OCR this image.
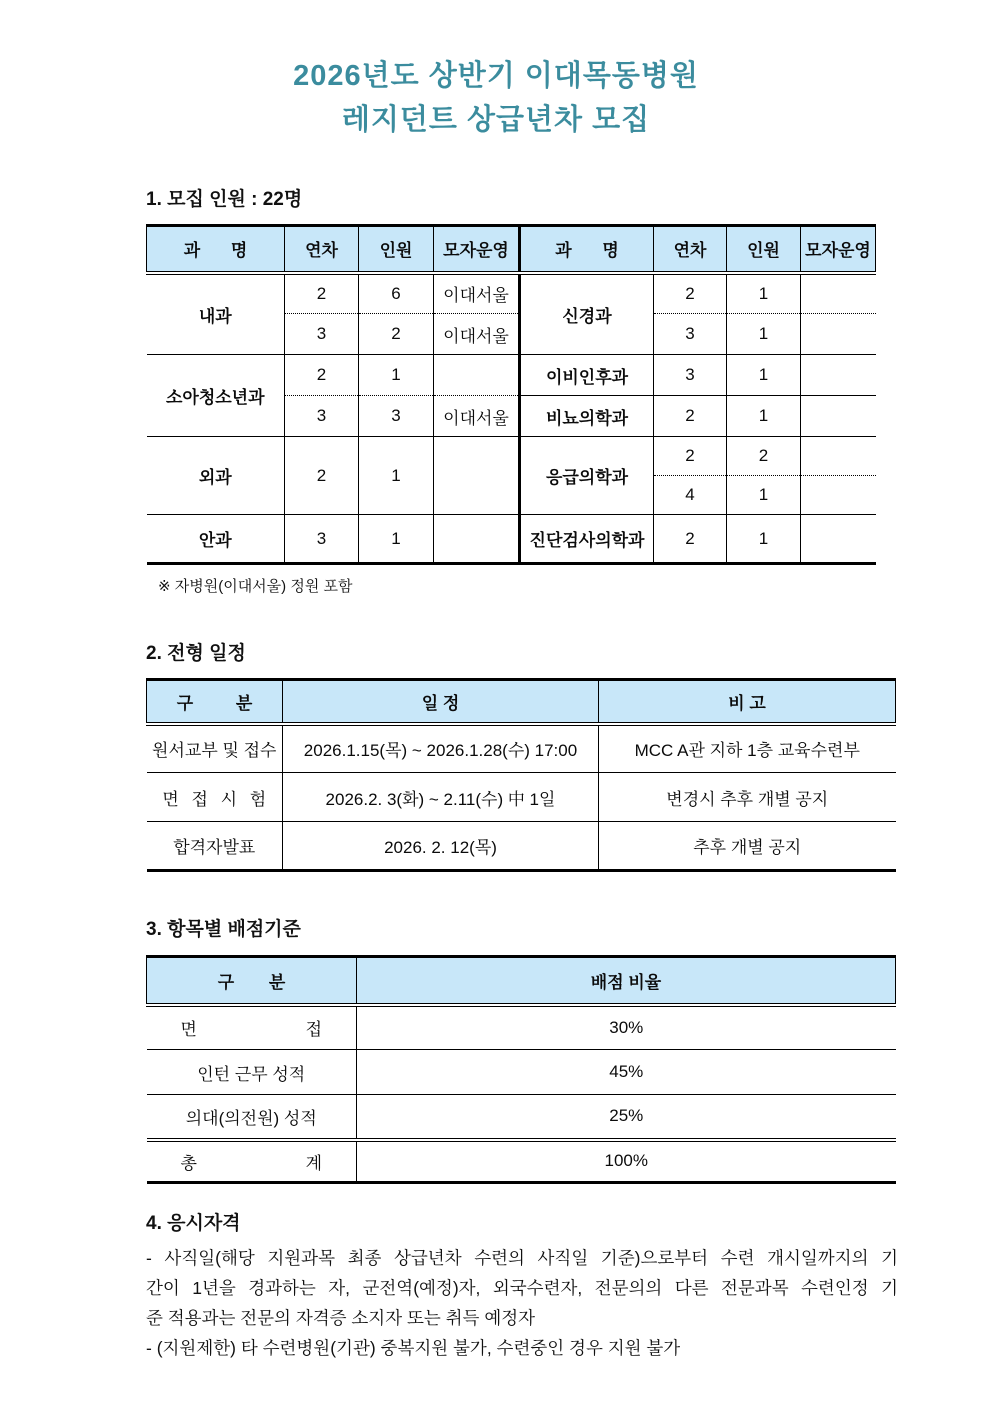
2026년도 상반기 이대목동병원
레지던트 상급년차 모집
1. 모집 인원 : 22명
과 명	연차	인원	모자운영	과 명	연차	인원	모자운영
내과	2	6	이대서울	신경과	2	1	
	3	2	이대서울		3	1	
소아청소년과	2	1		이비인후과	3	1	
	3	3	이대서울	비뇨의학과	2	1	
외과	2	1		응급의학과	2	2	
					4	1	
안과	3	1		진단검사의학과	2	1	
※ 자병원(이대서울) 정원 포함
2. 전형 일정
구 분	일 정	비 고
원서교부 및 접수	2026.1.15(목) ~ 2026.1.28(수) 17:00	MCC A관 지하 1층 교육수련부
면 접 시 험	2026.2. 3(화) ~ 2.11(수) 中 1일	변경시 추후 개별 공지
합격자발표	2026. 2. 12(목)	추후 개별 공지
3. 항목별 배점기준
구 분	배점 비율
면 접	30%
인턴 근무 성적	45%
의대(의전원) 성적	25%
총 계	100%
4. 응시자격
- 사직일(해당 지원과목 최종 상급년차 수련의 사직일 기준)으로부터 수련 개시일까지의 기
간이 1년을 경과하는 자, 군전역(예정)자, 외국수련자, 전문의의 다른 전문과목 수련인정 기
준 적용과는 전문의 자격증 소지자 또는 취득 예정자
- (지원제한) 타 수련병원(기관) 중복지원 불가, 수련중인 경우 지원 불가
